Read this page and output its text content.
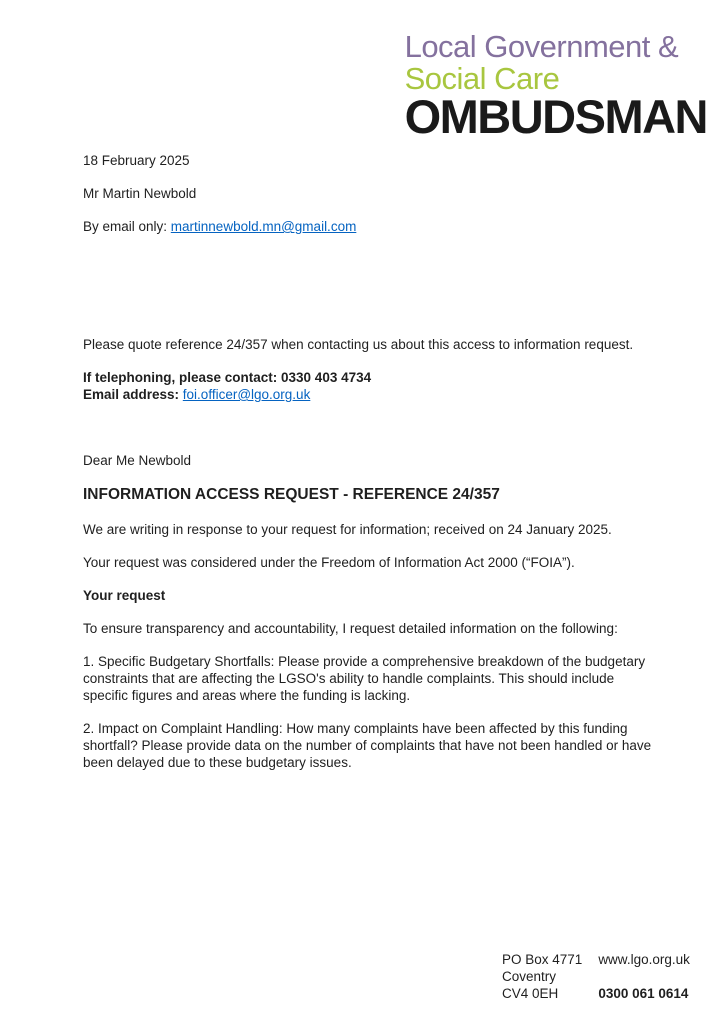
Local Government &
Social Care
OMBUDSMAN

18 February 2025

Mr Martin Newbold

By email only: martinnewbold.mn@gmail.com

Please quote reference 24/357 when contacting us about this access to information request.

If telephoning, please contact: 0330 403 4734
Email address: foi.officer@lgo.org.uk

Dear Me Newbold

INFORMATION ACCESS REQUEST - REFERENCE 24/357

We are writing in response to your request for information; received on 24 January 2025.

Your request was considered under the Freedom of Information Act 2000 (“FOIA”).

Your request

To ensure transparency and accountability, I request detailed information on the following:

1. Specific Budgetary Shortfalls: Please provide a comprehensive breakdown of the budgetary constraints that are affecting the LGSO's ability to handle complaints. This should include specific figures and areas where the funding is lacking.

2. Impact on Complaint Handling: How many complaints have been affected by this funding shortfall? Please provide data on the number of complaints that have not been handled or have been delayed due to these budgetary issues.

PO Box 4771
Coventry
CV4 0EH
www.lgo.org.uk
0300 061 0614
